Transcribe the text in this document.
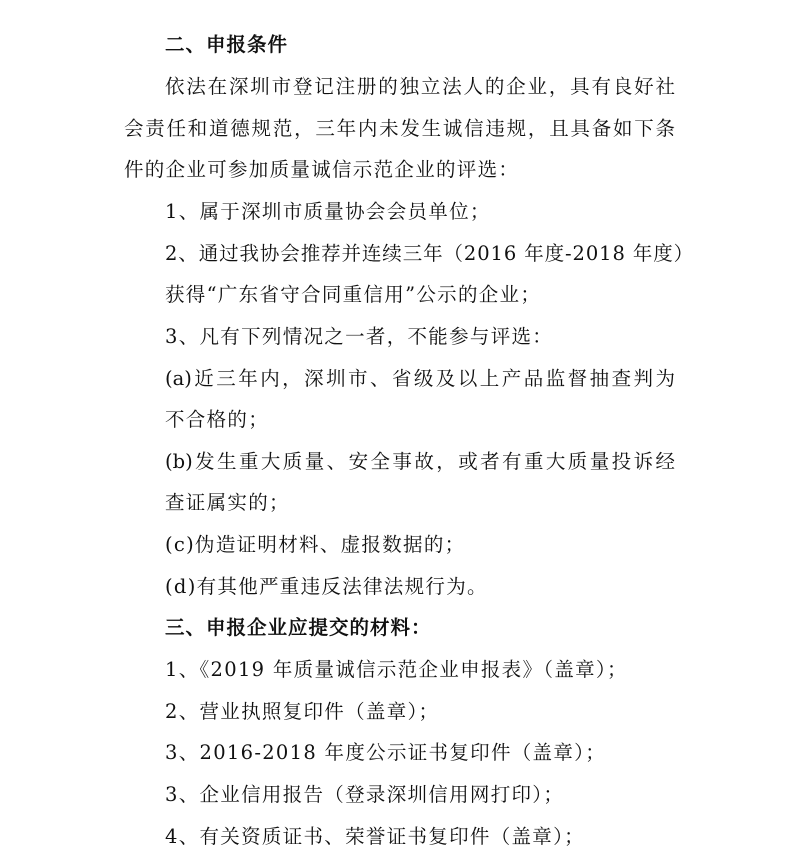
二、申报条件
依法在深圳市登记注册的独立法人的企业，具有良好社
会责任和道德规范，三年内未发生诚信违规，且具备如下条
件的企业可参加质量诚信示范企业的评选：
1、属于深圳市质量协会会员单位；
2、通过我协会推荐并连续三年（2016 年度-2018 年度）
获得“广东省守合同重信用”公示的企业；
3、凡有下列情况之一者，不能参与评选：
(a)近三年内，深圳市、省级及以上产品监督抽查判为
不合格的；
(b)发生重大质量、安全事故，或者有重大质量投诉经
查证属实的；
(c)伪造证明材料、虚报数据的；
(d)有其他严重违反法律法规行为。
三、申报企业应提交的材料：
1、《2019 年质量诚信示范企业申报表》（盖章）；
2、营业执照复印件（盖章）；
3、2016-2018 年度公示证书复印件（盖章）；
3、企业信用报告（登录深圳信用网打印）；
4、有关资质证书、荣誉证书复印件（盖章）；
